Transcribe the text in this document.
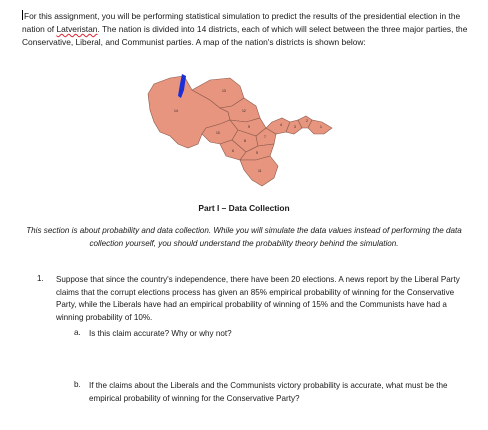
For this assignment, you will be performing statistical simulation to predict the results of the presidential election in the nation of Latveristan. The nation is divided into 14 districts, each of which will select between the three major parties, the Conservative, Liberal, and Communist parties. A map of the nation's districts is shown below:

14
13
12
10
9
8
7
6	5
4	3
2
1
11

Part I – Data Collection

This section is about probability and data collection. While you will simulate the data values instead of performing the data collection yourself, you should understand the probability theory behind the simulation.

1. Suppose that since the country's independence, there have been 20 elections. A news report by the Liberal Party claims that the corrupt elections process has given an 85% empirical probability of winning for the Conservative Party, while the Liberals have had an empirical probability of winning of 15% and the Communists have had a winning probability of 10%.

a. Is this claim accurate? Why or why not?

b. If the claims about the Liberals and the Communists victory probability is accurate, what must be the empirical probability of winning for the Conservative Party?
